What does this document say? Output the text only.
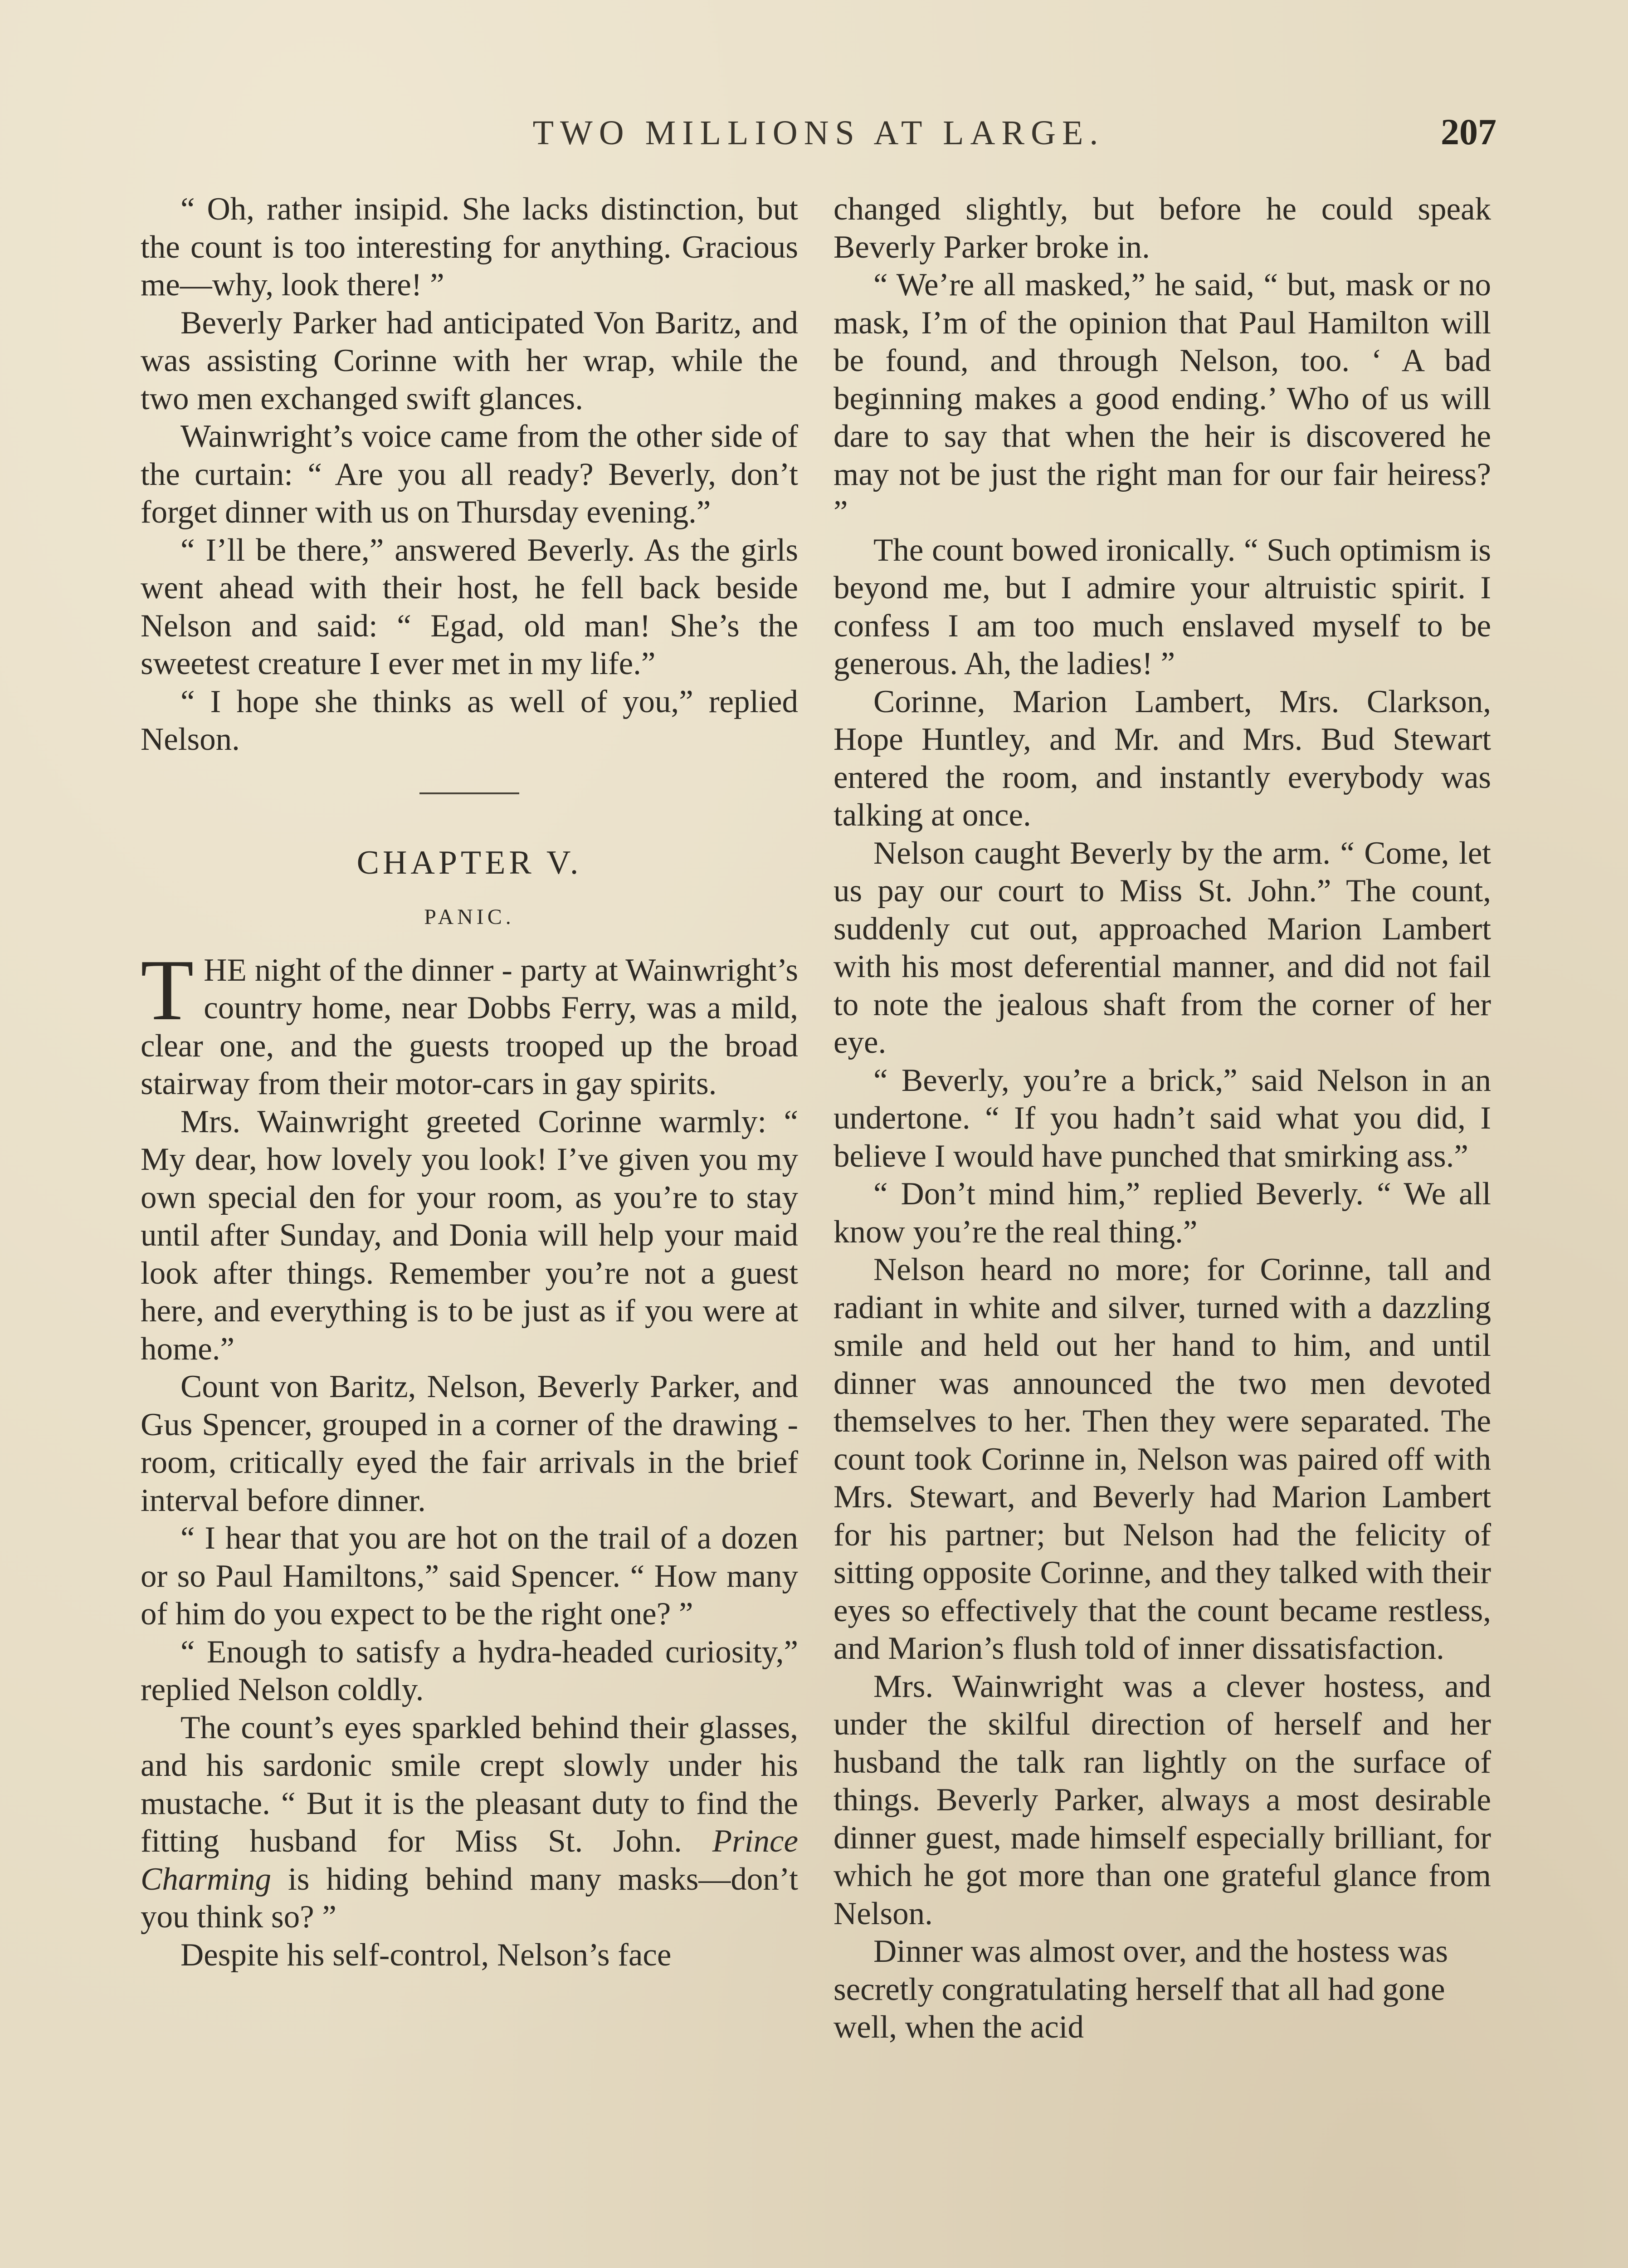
TWO MILLIONS AT LARGE.	207

“ Oh, rather insipid. She lacks distinction, but the count is too interesting for anything. Gracious me—why, look there! ”

Beverly Parker had anticipated Von Baritz, and was assisting Corinne with her wrap, while the two men exchanged swift glances.

Wainwright’s voice came from the other side of the curtain: “ Are you all ready? Beverly, don’t forget dinner with us on Thursday evening.”

“ I’ll be there,” answered Beverly. As the girls went ahead with their host, he fell back beside Nelson and said: “ Egad, old man! She’s the sweetest creature I ever met in my life.”

“ I hope she thinks as well of you,” replied Nelson.

CHAPTER V.
PANIC.

THE night of the dinner - party at Wainwright’s country home, near Dobbs Ferry, was a mild, clear one, and the guests trooped up the broad stairway from their motor-cars in gay spirits.

Mrs. Wainwright greeted Corinne warmly: “ My dear, how lovely you look! I’ve given you my own special den for your room, as you’re to stay until after Sunday, and Donia will help your maid look after things. Remember you’re not a guest here, and everything is to be just as if you were at home.”

Count von Baritz, Nelson, Beverly Parker, and Gus Spencer, grouped in a corner of the drawing - room, critically eyed the fair arrivals in the brief interval before dinner.

“ I hear that you are hot on the trail of a dozen or so Paul Hamiltons,” said Spencer. “ How many of him do you expect to be the right one? ”

“ Enough to satisfy a hydra-headed curiosity,” replied Nelson coldly.

The count’s eyes sparkled behind their glasses, and his sardonic smile crept slowly under his mustache. “ But it is the pleasant duty to find the fitting husband for Miss St. John. Prince Charming is hiding behind many masks—don’t you think so? ”

Despite his self-control, Nelson’s face

changed slightly, but before he could speak Beverly Parker broke in.

“ We’re all masked,” he said, “ but, mask or no mask, I’m of the opinion that Paul Hamilton will be found, and through Nelson, too. ‘ A bad beginning makes a good ending.’ Who of us will dare to say that when the heir is discovered he may not be just the right man for our fair heiress? ”

The count bowed ironically. “ Such optimism is beyond me, but I admire your altruistic spirit. I confess I am too much enslaved myself to be generous. Ah, the ladies! ”

Corinne, Marion Lambert, Mrs. Clarkson, Hope Huntley, and Mr. and Mrs. Bud Stewart entered the room, and instantly everybody was talking at once.

Nelson caught Beverly by the arm. “ Come, let us pay our court to Miss St. John.” The count, suddenly cut out, approached Marion Lambert with his most deferential manner, and did not fail to note the jealous shaft from the corner of her eye.

“ Beverly, you’re a brick,” said Nelson in an undertone. “ If you hadn’t said what you did, I believe I would have punched that smirking ass.”

“ Don’t mind him,” replied Beverly. “ We all know you’re the real thing.”

Nelson heard no more; for Corinne, tall and radiant in white and silver, turned with a dazzling smile and held out her hand to him, and until dinner was announced the two men devoted themselves to her. Then they were separated. The count took Corinne in, Nelson was paired off with Mrs. Stewart, and Beverly had Marion Lambert for his partner; but Nelson had the felicity of sitting opposite Corinne, and they talked with their eyes so effectively that the count became restless, and Marion’s flush told of inner dissatisfaction.

Mrs. Wainwright was a clever hostess, and under the skilful direction of herself and her husband the talk ran lightly on the surface of things. Beverly Parker, always a most desirable dinner guest, made himself especially brilliant, for which he got more than one grateful glance from Nelson.

Dinner was almost over, and the hostess was secretly congratulating herself that all had gone well, when the acid
